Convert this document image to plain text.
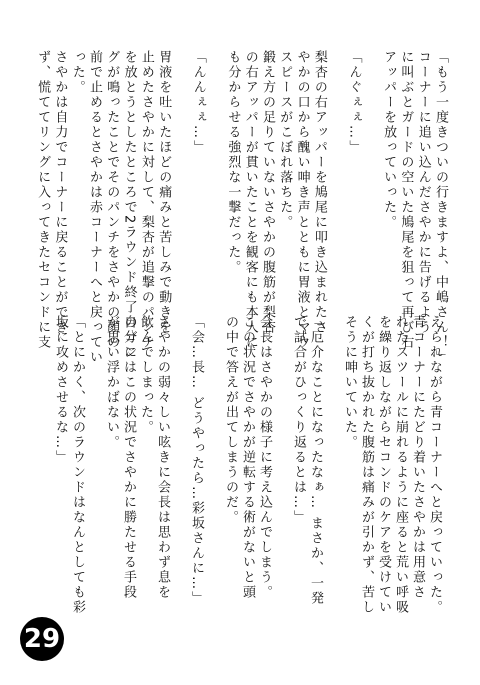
「もう一度きついの行きますよ、中嶋さん！」
コーナーに追い込んださやかに告げるよう
に叫ぶとガードの空いた鳩尾を狙って再び右
アッパーを放っていった。
「んぐぇぇ…」
梨杏の右アッパーを鳩尾に叩き込まれたさ
やかの口から醜い呻き声とともに胃液とマウ
スピースがこぼれ落ちた。
鍛え方の足りていないさやかの腹筋が梨杏
の右アッパーが貫いたことを観客にも本人に
も分からせる強烈な一撃だった。
「んんぇぇ…」
胃液を吐いたほどの痛みと苦しみで動きを
止めたさやかに対して、梨杏が追撃のパンチ
を放とうとしたところで2ラウンド終了のゴン
グが鳴ったことでそのパンチをさやかの顔の
前で止めるとさやかは赤コーナーへと戻ってい
った。
さやかは自力でコーナーに戻ることができ
ず、慌ててリングに入ってきたセコンドに支
えられながら青コーナーへと戻っていった。
青コーナーにたどり着いたさやかは用意さ
れたスツールに崩れるように座ると荒い呼吸
を繰り返しながらセコンドのケアを受けてい
くが打ち抜かれた腹筋は痛みが引かず、苦し
そうに呻いていた。
「厄介なことになったなぁ… まさか、一発
で試合がひっくり返るとは…」
会長はさやかの様子に考え込んでしまう。
この状況でさやかが逆転する術がないと頭
の中で答えが出てしまうのだ。
「会…長… どうやったら…彩坂さんに…」
さやかの弱々しい呟きに会長は思わず息を
飲んでしまった。
自分にはこの状況でさやかに勝たせる手段
が思い浮かばない。
「とにかく、次のラウンドはなんとしても彩
坂に攻めさせるな…」
29
